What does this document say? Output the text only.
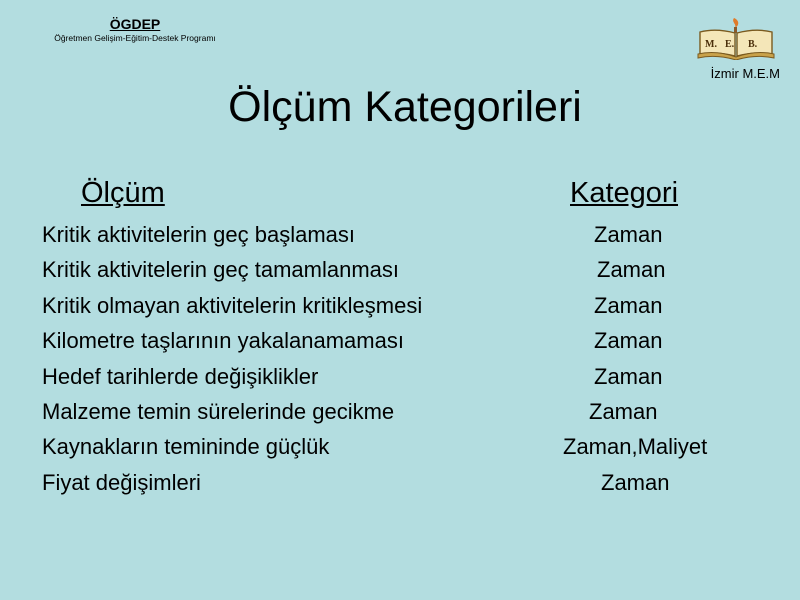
ÖGDEP
Öğretmen Gelişim-Eğitim-Destek Programı
M. E. B.
İzmir M.E.M
Ölçüm Kategorileri
Ölçüm	Kategori
Kritik aktivitelerin geç başlaması	Zaman
Kritik aktivitelerin geç tamamlanması	Zaman
Kritik olmayan aktivitelerin kritikleşmesi	Zaman
Kilometre taşlarının yakalanamaması	Zaman
Hedef tarihlerde değişiklikler	Zaman
Malzeme temin sürelerinde gecikme	Zaman
Kaynakların temininde güçlük	Zaman,Maliyet
Fiyat değişimleri	Zaman
